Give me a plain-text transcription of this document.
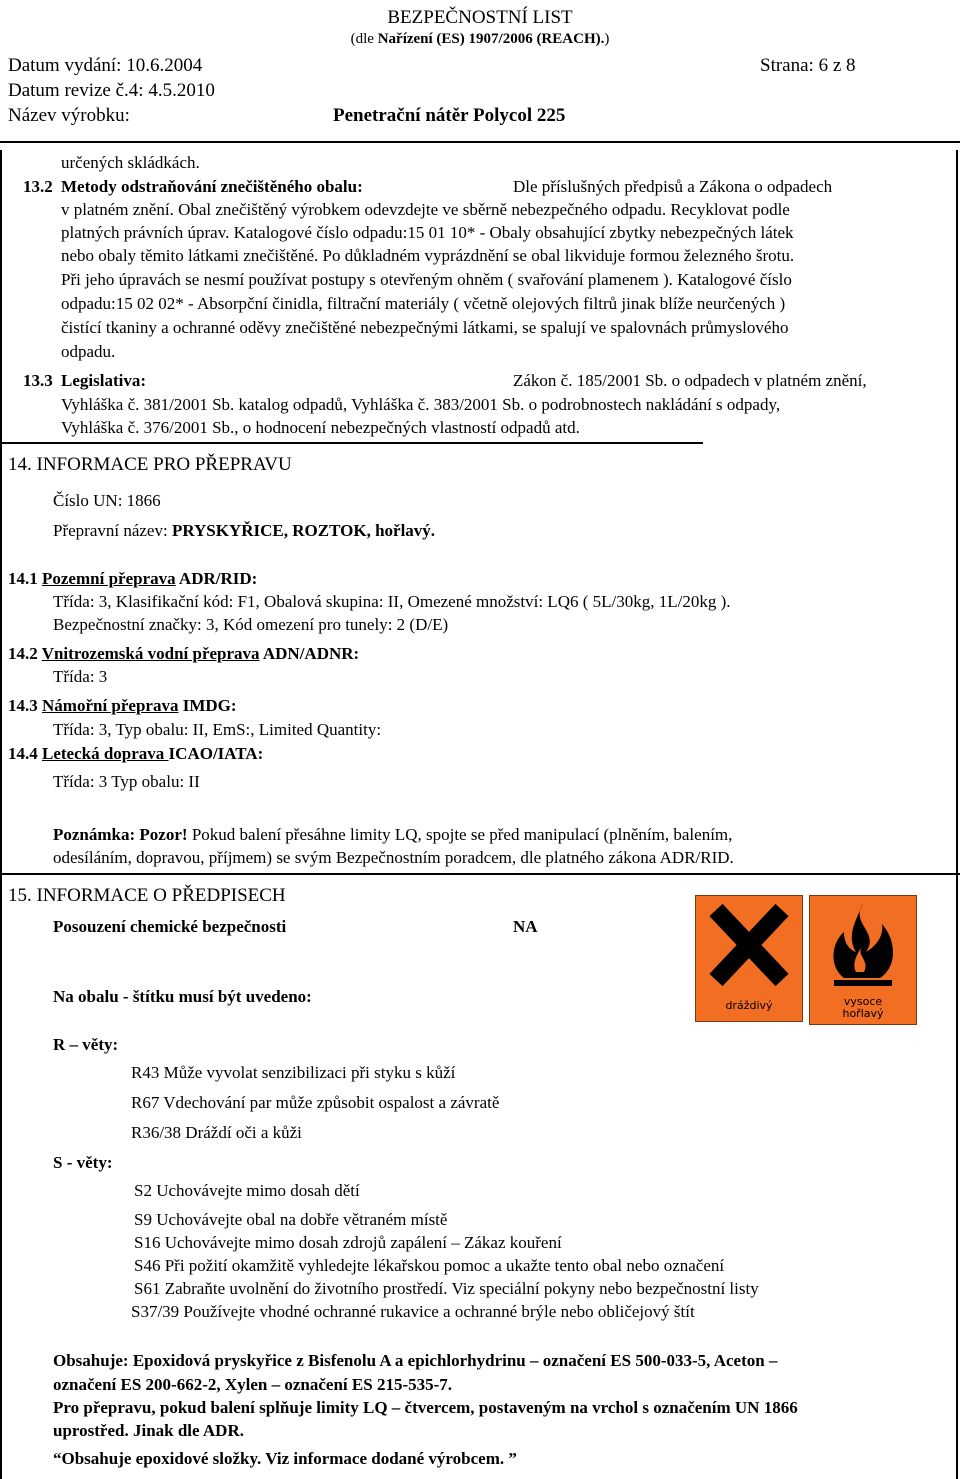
BEZPEČNOSTNÍ LIST
(dle Nařízení (ES) 1907/2006 (REACH).)
Datum vydání: 10.6.2004	Strana: 6 z 8
Datum revize č.4: 4.5.2010
Název výrobku:	Penetrační nátěr Polycol 225
určených skládkách.
13.2 Metody odstraňování znečištěného obalu:	Dle příslušných předpisů a Zákona o odpadech
v platném znění. Obal znečištěný výrobkem odevzdejte ve sběrně nebezpečného odpadu. Recyklovat podle
platných právních úprav. Katalogové číslo odpadu:15 01 10* - Obaly obsahující zbytky nebezpečných látek
nebo obaly těmito látkami znečištěné. Po důkladném vyprázdnění se obal likviduje formou železného šrotu.
Při jeho úpravách se nesmí používat postupy s otevřeným ohněm ( svařování plamenem ). Katalogové číslo
odpadu:15 02 02* - Absorpční činidla, filtrační materiály ( včetně olejových filtrů jinak blíže neurčených )
čistící tkaniny a ochranné oděvy znečištěné nebezpečnými látkami, se spalují ve spalovnách průmyslového
odpadu.
13.3 Legislativa:	Zákon č. 185/2001 Sb. o odpadech v platném znění,
Vyhláška č. 381/2001 Sb. katalog odpadů, Vyhláška č. 383/2001 Sb. o podrobnostech nakládání s odpady,
Vyhláška č. 376/2001 Sb., o hodnocení nebezpečných vlastností odpadů atd.
14. INFORMACE PRO PŘEPRAVU
Číslo UN: 1866
Přepravní název: PRYSKYŘICE, ROZTOK, hořlavý.
14.1 Pozemní přeprava ADR/RID:
Třída: 3, Klasifikační kód: F1, Obalová skupina: II, Omezené množství: LQ6 ( 5L/30kg, 1L/20kg ).
Bezpečnostní značky: 3, Kód omezení pro tunely: 2 (D/E)
14.2 Vnitrozemská vodní přeprava ADN/ADNR:
Třída: 3
14.3 Námořní přeprava IMDG:
Třída: 3, Typ obalu: II, EmS:, Limited Quantity:
14.4 Letecká doprava ICAO/IATA:
Třída: 3 Typ obalu: II
Poznámka: Pozor! Pokud balení přesáhne limity LQ, spojte se před manipulací (plněním, balením,
odesíláním, dopravou, příjmem) se svým Bezpečnostním poradcem, dle platného zákona ADR/RID.
15. INFORMACE O PŘEDPISECH
Posouzení chemické bezpečnosti	NA
Na obalu - štítku musí být uvedeno:	dráždivý	vysoce hořlavý
R – věty:
R43 Může vyvolat senzibilizaci při styku s kůží
R67 Vdechování par může způsobit ospalost a závratě
R36/38 Dráždí oči a kůži
S - věty:
S2 Uchovávejte mimo dosah dětí
S9 Uchovávejte obal na dobře větraném místě
S16 Uchovávejte mimo dosah zdrojů zapálení – Zákaz kouření
S46 Při požití okamžitě vyhledejte lékařskou pomoc a ukažte tento obal nebo označení
S61 Zabraňte uvolnění do životního prostředí. Viz speciální pokyny nebo bezpečnostní listy
S37/39 Používejte vhodné ochranné rukavice a ochranné brýle nebo obličejový štít
Obsahuje: Epoxidová pryskyřice z Bisfenolu A a epichlorhydrinu – označení ES 500-033-5, Aceton –
označení ES 200-662-2, Xylen – označení ES 215-535-7.
Pro přepravu, pokud balení splňuje limity LQ – čtvercem, postaveným na vrchol s označením UN 1866
uprostřed. Jinak dle ADR.
“Obsahuje epoxidové složky. Viz informace dodané výrobcem. ”
